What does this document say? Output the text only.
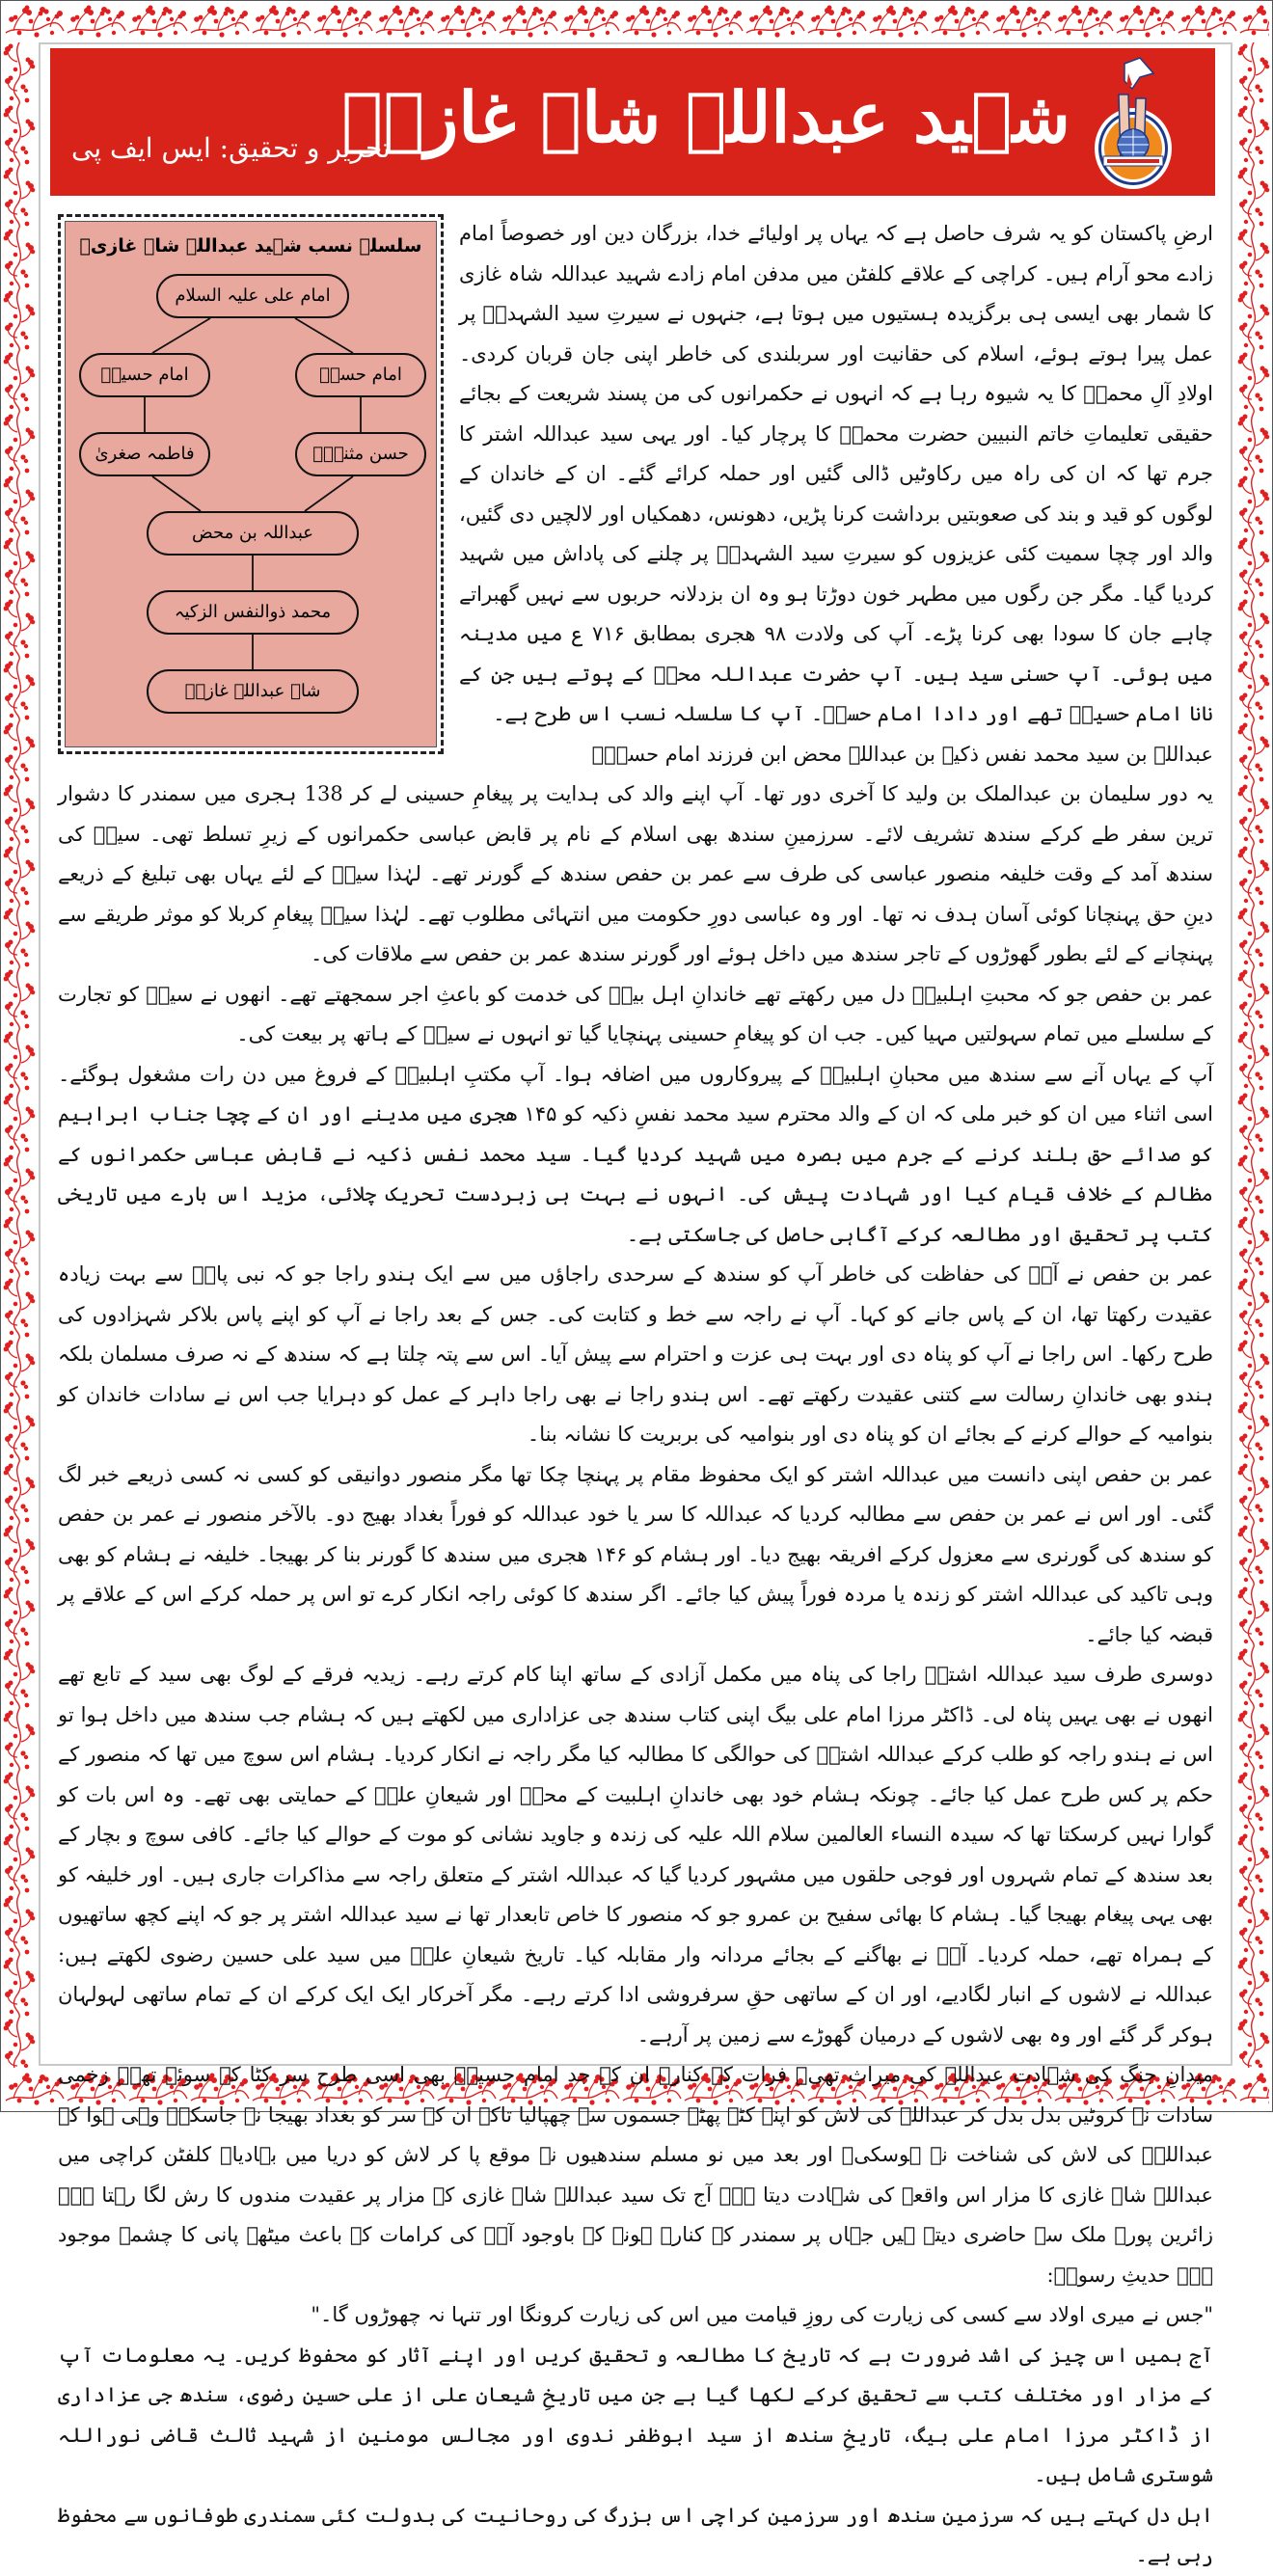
شہید عبداللہ شاہ غازیؒ
تحریر و تحقیق: ایس ایف پی
سلسلہ نسب شہید عبداللہ شاہ غازیؒ
امام علی علیہ السلام
امام حسینؑ	امام حسنؑ
فاطمہ صغریٰ	حسن مثنیٰؑ
عبداللہ بن محض
محمد ذوالنفس الزکیہ
شاہ عبداللہ غازیؒ

ارضِ پاکستان کو یہ شرف حاصل ہے کہ یہاں پر اولیائے خدا، بزرگان دین اور خصوصاً امام زادے محو آرام ہیں۔ کراچی کے علاقے کلفٹن میں مدفن امام زادے شہید عبداللہ شاہ غازی کا شمار بھی ایسی ہی برگزیدہ ہستیوں میں ہوتا ہے، جنہوں نے سیرتِ سید الشہداؑ پر عمل پیرا ہوتے ہوئے، اسلام کی حقانیت اور سربلندی کی خاطر اپنی جان قربان کردی۔ اولادِ آلِ محمدؐ کا یہ شیوہ رہا ہے کہ انہوں نے حکمرانوں کی من پسند شریعت کے بجائے حقیقی تعلیماتِ خاتم النبیین حضرت محمدؐ کا پرچار کیا۔ اور یہی سید عبداللہ اشتر کا جرم تھا کہ ان کی راہ میں رکاوٹیں ڈالی گئیں اور حملہ کرائے گئے۔ ان کے خاندان کے لوگوں کو قید و بند کی صعوبتیں برداشت کرنا پڑیں، دھونس، دھمکیاں اور لالچیں دی گئیں، والد اور چچا سمیت کئی عزیزوں کو سیرتِ سید الشہداؑ پر چلنے کی پاداش میں شہید کردیا گیا۔ مگر جن رگوں میں مطہر خون دوڑتا ہو وہ ان بزدلانہ حربوں سے نہیں گھبراتے چاہے جان کا سودا بھی کرنا پڑے۔ آپ کی ولادت ۹۸ ھجری بمطابق ۷۱۶ ع میں مدینہ میں ہوئی۔ آپ حسنی سید ہیں۔ آپ حضرت عبداللہ محضؒ کے پوتے ہیں جن کے نانا امام حسینؑ تھے اور دادا امام حسنؑ۔ آپ کا سلسلہ نسب اس طرح ہے۔

عبداللہ بن سید محمد نفس ذکیہ بن عبداللہ محض ابن فرزند امام حسنؑ۔

یہ دور سلیمان بن عبدالملک بن ولید کا آخری دور تھا۔ آپ اپنے والد کی ہدایت پر پیغامِ حسینی لے کر 138 ہجری میں سمندر کا دشوار ترین سفر طے کرکے سندھ تشریف لائے۔ سرزمینِ سندھ بھی اسلام کے نام پر قابض عباسی حکمرانوں کے زیرِ تسلط تھی۔ سیدؒ کی سندھ آمد کے وقت خلیفہ منصور عباسی کی طرف سے عمر بن حفص سندھ کے گورنر تھے۔ لہٰذا سیدؒ کے لئے یہاں بھی تبلیغ کے ذریعے دینِ حق پہنچانا کوئی آسان ہدف نہ تھا۔ اور وہ عباسی دورِ حکومت میں انتہائی مطلوب تھے۔ لہٰذا سیدؒ پیغامِ کربلا کو موثر طریقے سے پہنچانے کے لئے بطور گھوڑوں کے تاجر سندھ میں داخل ہوئے اور گورنر سندھ عمر بن حفص سے ملاقات کی۔

عمر بن حفص جو کہ محبتِ اہلبیتؑ دل میں رکھتے تھے خاندانِ اہل بیتؑ کی خدمت کو باعثِ اجر سمجھتے تھے۔ انھوں نے سیدؒ کو تجارت کے سلسلے میں تمام سہولتیں مہیا کیں۔ جب ان کو پیغامِ حسینی پہنچایا گیا تو انہوں نے سیدؒ کے ہاتھ پر بیعت کی۔

آپ کے یہاں آنے سے سندھ میں محبانِ اہلبیتؑ کے پیروکاروں میں اضافہ ہوا۔ آپ مکتبِ اہلبیتؑ کے فروغ میں دن رات مشغول ہوگئے۔ اسی اثناء میں ان کو خبر ملی کہ ان کے والد محترم سید محمد نفسِ ذکیہ کو ۱۴۵ ھجری میں مدینے اور ان کے چچا جناب ابراہیم کو صدائے حق بلند کرنے کے جرم میں بصرہ میں شہید کردیا گیا۔ سید محمد نفس ذکیہ نے قابض عباسی حکمرانوں کے مظالم کے خلاف قیام کیا اور شہادت پیش کی۔ انہوں نے بہت ہی زبردست تحریک چلائی، مزید اس بارے میں تاریخی کتب پر تحقیق اور مطالعہ کرکے آگاہی حاصل کی جاسکتی ہے۔

عمر بن حفص نے آپؒ کی حفاظت کی خاطر آپ کو سندھ کے سرحدی راجاؤں میں سے ایک ہندو راجا جو کہ نبی پاکؐ سے بہت زیادہ عقیدت رکھتا تھا، ان کے پاس جانے کو کہا۔ آپ نے راجہ سے خط و کتابت کی۔ جس کے بعد راجا نے آپ کو اپنے پاس بلاکر شہزادوں کی طرح رکھا۔ اس راجا نے آپ کو پناہ دی اور بہت ہی عزت و احترام سے پیش آیا۔ اس سے پتہ چلتا ہے کہ سندھ کے نہ صرف مسلمان بلکہ ہندو بھی خاندانِ رسالت سے کتنی عقیدت رکھتے تھے۔ اس ہندو راجا نے بھی راجا داہر کے عمل کو دہرایا جب اس نے سادات خاندان کو بنوامیہ کے حوالے کرنے کے بجائے ان کو پناہ دی اور بنوامیہ کی بربریت کا نشانہ بنا۔

عمر بن حفص اپنی دانست میں عبداللہ اشتر کو ایک محفوظ مقام پر پہنچا چکا تھا مگر منصور دوانیقی کو کسی نہ کسی ذریعے خبر لگ گئی۔ اور اس نے عمر بن حفص سے مطالبہ کردیا کہ عبداللہ کا سر یا خود عبداللہ کو فوراً بغداد بھیج دو۔ بالآخر منصور نے عمر بن حفص کو سندھ کی گورنری سے معزول کرکے افریقہ بھیج دیا۔ اور ہشام کو ۱۴۶ ھجری میں سندھ کا گورنر بنا کر بھیجا۔ خلیفہ نے ہشام کو بھی وہی تاکید کی عبداللہ اشتر کو زندہ یا مردہ فوراً پیش کیا جائے۔ اگر سندھ کا کوئی راجہ انکار کرے تو اس پر حملہ کرکے اس کے علاقے پر قبضہ کیا جائے۔

دوسری طرف سید عبداللہ اشترؒ راجا کی پناہ میں مکمل آزادی کے ساتھ اپنا کام کرتے رہے۔ زیدیہ فرقے کے لوگ بھی سید کے تابع تھے انھوں نے بھی یہیں پناہ لی۔ ڈاکٹر مرزا امام علی بیگ اپنی کتاب سندھ جی عزاداری میں لکھتے ہیں کہ ہشام جب سندھ میں داخل ہوا تو اس نے ہندو راجہ کو طلب کرکے عبداللہ اشترؒ کی حوالگی کا مطالبہ کیا مگر راجہ نے انکار کردیا۔ ہشام اس سوچ میں تھا کہ منصور کے حکم پر کس طرح عمل کیا جائے۔ چونکہ ہشام خود بھی خاندانِ اہلبیت کے محبؑ اور شیعانِ علیؑ کے حمایتی بھی تھے۔ وہ اس بات کو گوارا نہیں کرسکتا تھا کہ سیدہ النساء العالمین سلام اللہ علیہ کی زندہ و جاوید نشانی کو موت کے حوالے کیا جائے۔ کافی سوچ و بچار کے بعد سندھ کے تمام شہروں اور فوجی حلقوں میں مشہور کردیا گیا کہ عبداللہ اشتر کے متعلق راجہ سے مذاکرات جاری ہیں۔ اور خلیفہ کو بھی یہی پیغام بھیجا گیا۔ ہشام کا بھائی سفیح بن عمرو جو کہ منصور کا خاص تابعدار تھا نے سید عبداللہ اشتر پر جو کہ اپنے کچھ ساتھیوں کے ہمراہ تھے، حملہ کردیا۔ آپؒ نے بھاگنے کے بجائے مردانہ وار مقابلہ کیا۔ تاریخ شیعانِ علیؑ میں سید علی حسین رضوی لکھتے ہیں: عبداللہ نے لاشوں کے انبار لگادیے، اور ان کے ساتھی حقِ سرفروشی ادا کرتے رہے۔ مگر آخرکار ایک ایک کرکے ان کے تمام ساتھی لہولہان ہوکر گر گئے اور وہ بھی لاشوں کے درمیان گھوڑے سے زمین پر آرہے۔

میدانِ جنگ کی شہادت عبداللہ کی میراث تھی۔ فرات کے کنارے ان کے جد امام حسینؑ بھی اسی طرح سر کٹا کے سوئے تھے۔ زخمی سادات نے کروٹیں بدل بدل کر عبداللہ کی لاش کو اپنے کٹے پھٹے جسموں سے چھپالیا تاکہ ان کے سر کو بغداد بھیجا نہ جاسکے۔ وہی ہوا کہ عبداللہؒ کی لاش کی شناخت نہ ہوسکی۔ اور بعد میں نو مسلم سندھیوں نے موقع پا کر لاش کو دریا میں بہادیا۔ کلفٹن کراچی میں عبداللہ شاہ غازی کا مزار اس واقعہ کی شہادت دیتا ہے۔ آج تک سید عبداللہ شاہ غازی کے مزار پر عقیدت مندوں کا رش لگا رہتا ہے۔ زائرین پورے ملک سے حاضری دیتے ہیں جہاں پر سمندر کے کنارے ہونے کے باوجود آپؒ کی کرامات کے باعث میٹھے پانی کا چشمہ موجود ہے۔ حدیثِ رسولؐ:

"جس نے میری اولاد سے کسی کی زیارت کی روزِ قیامت میں اس کی زیارت کرونگا اور تنہا نہ چھوڑوں گا۔"

آج ہمیں اس چیز کی اشد ضرورت ہے کہ تاریخ کا مطالعہ و تحقیق کریں اور اپنے آثار کو محفوظ کریں۔ یہ معلومات آپ کے مزار اور مختلف کتب سے تحقیق کرکے لکھا گیا ہے جن میں تاریخِ شیعانِ علی از علی حسین رضوی، سندھ جی عزاداری از ڈاکٹر مرزا امام علی بیگ، تاریخِ سندھ از سید ابوظفر ندوی اور مجالس مومنین از شہید ثالث قاضی نوراللہ شوستری شامل ہیں۔

اہل دل کہتے ہیں کہ سرزمین سندھ اور سرزمین کراچی اس بزرگ کی روحانیت کی بدولت کئی سمندری طوفانوں سے محفوظ رہی ہے۔
